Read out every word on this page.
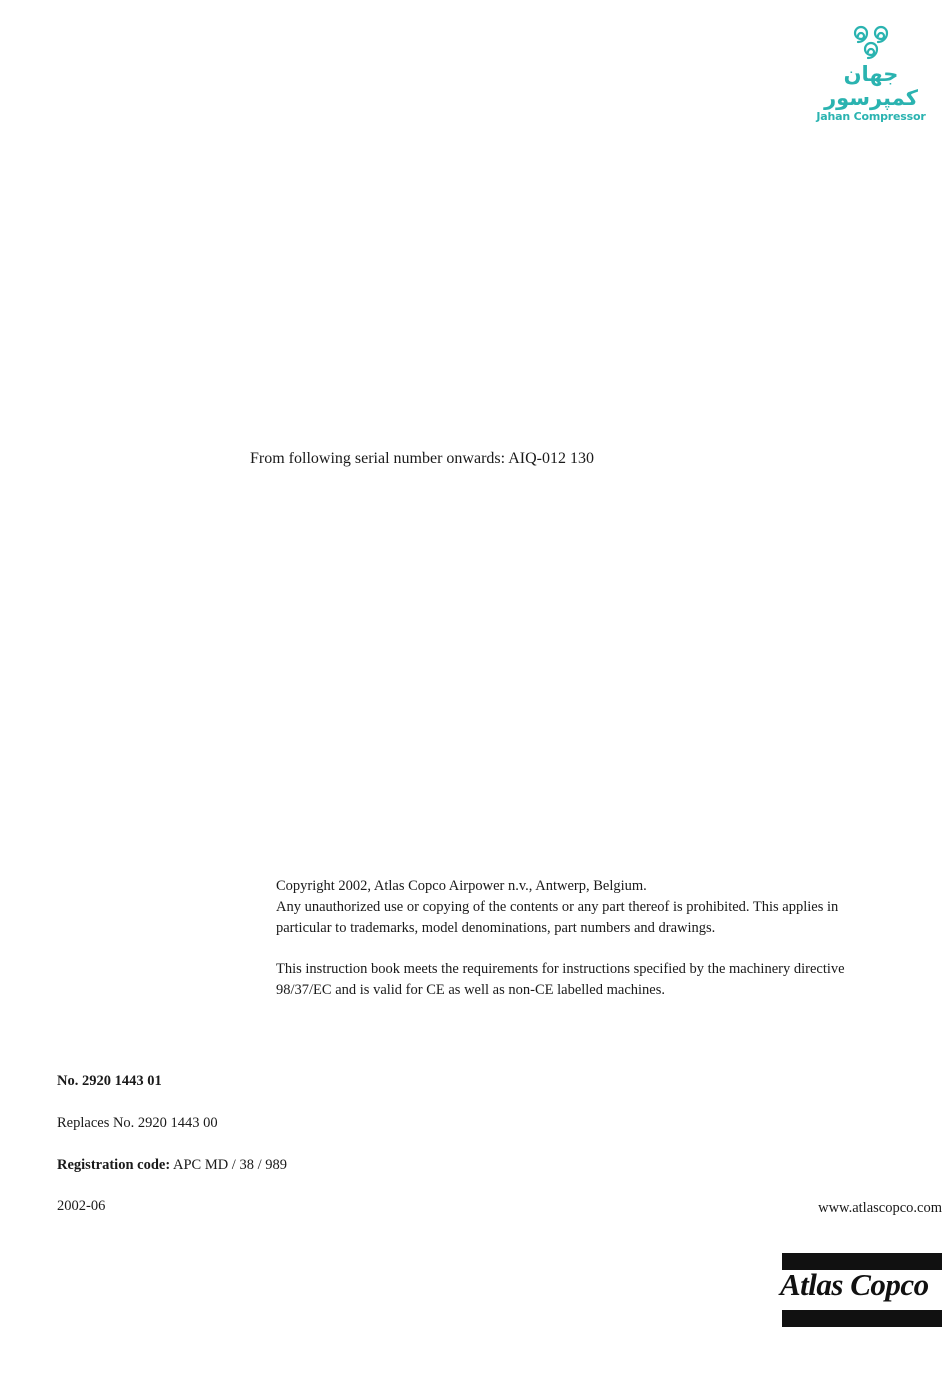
جهان کمپرسور
Jahan Compressor
From following serial number onwards: AIQ-012 130

Copyright 2002, Atlas Copco Airpower n.v., Antwerp, Belgium.

Any unauthorized use or copying of the contents or any part thereof is prohibited. This applies in particular to trademarks, model denominations, part numbers and drawings.

This instruction book meets the requirements for instructions specified by the machinery directive 98/37/EC and is valid for CE as well as non-CE labelled machines.

No. 2920 1443 01
Replaces No. 2920 1443 00
Registration code: APC MD / 38 / 989
2002-06	www.atlascopco.com
Atlas Copco
